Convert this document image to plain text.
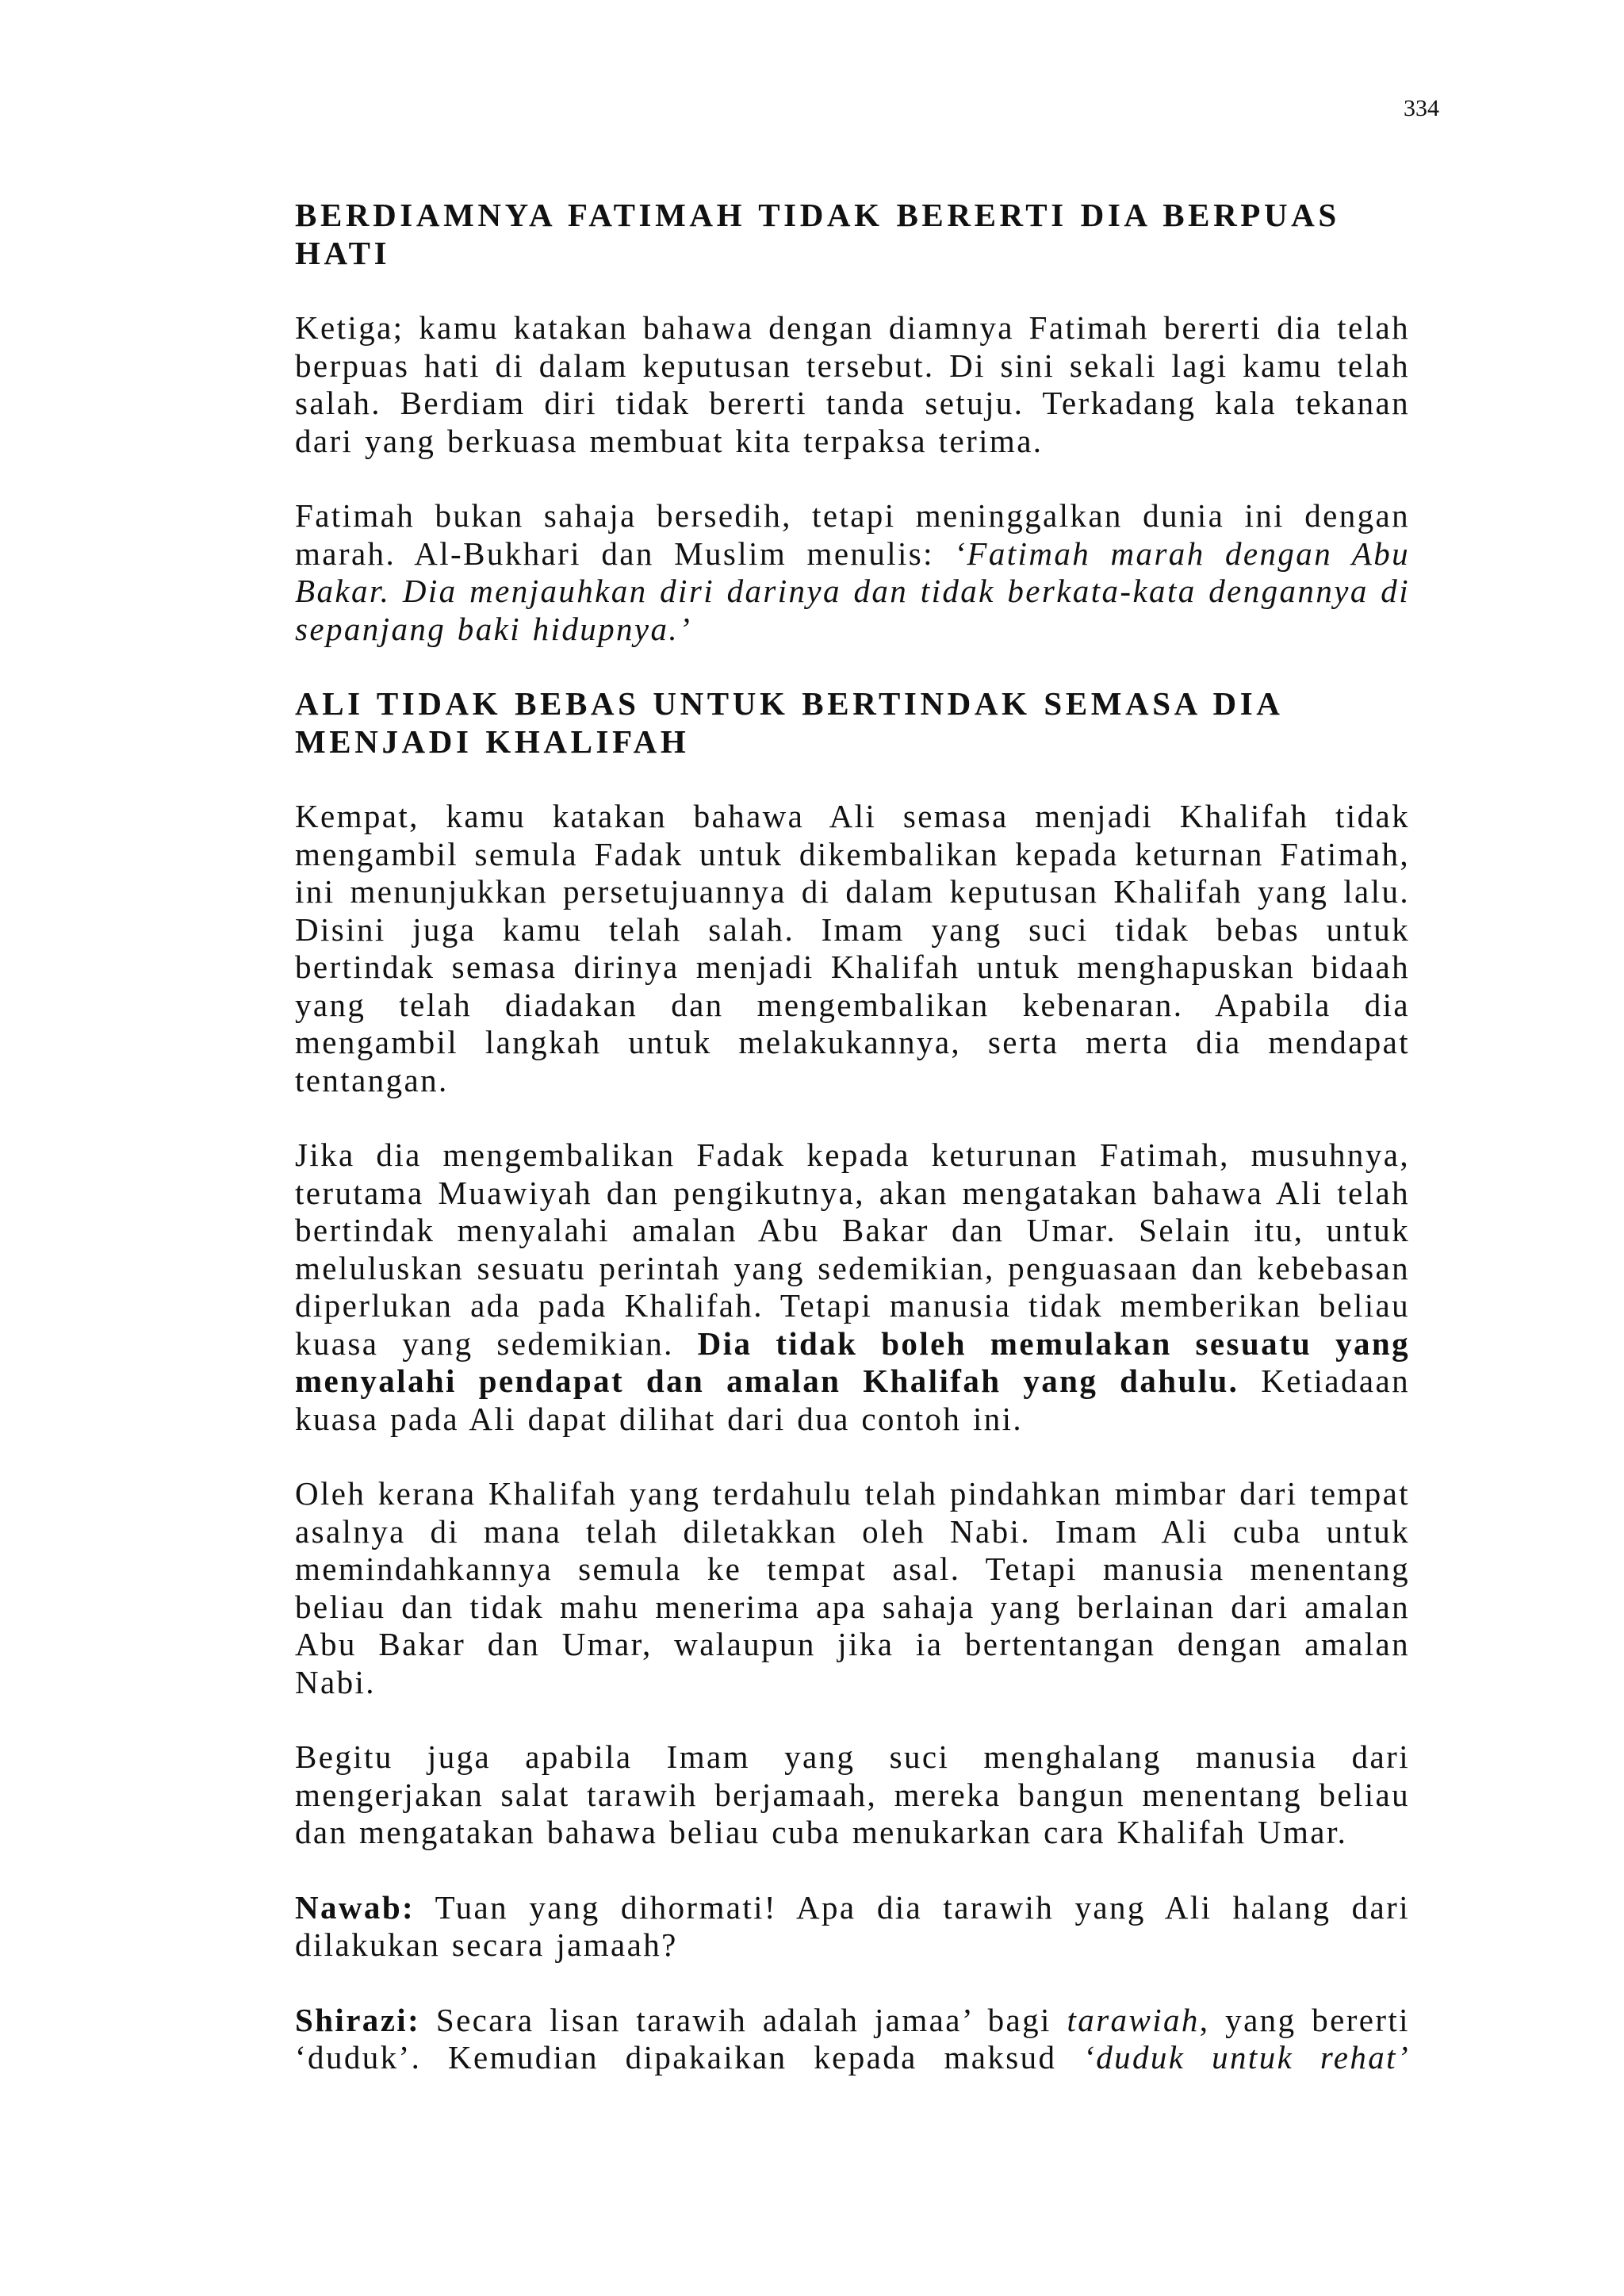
334
BERDIAMNYA FATIMAH TIDAK BERERTI DIA BERPUAS HATI
Ketiga; kamu katakan bahawa dengan diamnya Fatimah bererti dia telah berpuas hati di dalam keputusan tersebut. Di sini sekali lagi kamu telah salah. Berdiam diri tidak bererti tanda setuju. Terkadang kala tekanan dari yang berkuasa membuat kita terpaksa terima.
Fatimah bukan sahaja bersedih, tetapi meninggalkan dunia ini dengan marah. Al-Bukhari dan Muslim menulis: ‘Fatimah marah dengan Abu Bakar. Dia menjauhkan diri darinya dan tidak berkata-kata dengannya di sepanjang baki hidupnya.’
ALI TIDAK BEBAS UNTUK BERTINDAK SEMASA DIA MENJADI KHALIFAH
Kempat, kamu katakan bahawa Ali semasa menjadi Khalifah tidak mengambil semula Fadak untuk dikembalikan kepada keturnan Fatimah, ini menunjukkan persetujuannya di dalam keputusan Khalifah yang lalu. Disini juga kamu telah salah. Imam yang suci tidak bebas untuk bertindak semasa dirinya menjadi Khalifah untuk menghapuskan bidaah yang telah diadakan dan mengembalikan kebenaran. Apabila dia mengambil langkah untuk melakukannya, serta merta dia mendapat tentangan.
Jika dia mengembalikan Fadak kepada keturunan Fatimah, musuhnya, terutama Muawiyah dan pengikutnya, akan mengatakan bahawa Ali telah bertindak menyalahi amalan Abu Bakar dan Umar. Selain itu, untuk meluluskan sesuatu perintah yang sedemikian, penguasaan dan kebebasan diperlukan ada pada Khalifah. Tetapi manusia tidak memberikan beliau kuasa yang sedemikian. Dia tidak boleh memulakan sesuatu yang menyalahi pendapat dan amalan Khalifah yang dahulu. Ketiadaan kuasa pada Ali dapat dilihat dari dua contoh ini.
Oleh kerana Khalifah yang terdahulu telah pindahkan mimbar dari tempat asalnya di mana telah diletakkan oleh Nabi. Imam Ali cuba untuk memindahkannya semula ke tempat asal. Tetapi manusia menentang beliau dan tidak mahu menerima apa sahaja yang berlainan dari amalan Abu Bakar dan Umar, walaupun jika ia bertentangan dengan amalan Nabi.
Begitu juga apabila Imam yang suci menghalang manusia dari mengerjakan salat tarawih berjamaah, mereka bangun menentang beliau dan mengatakan bahawa beliau cuba menukarkan cara Khalifah Umar.
Nawab: Tuan yang dihormati! Apa dia tarawih yang Ali halang dari dilakukan secara jamaah?
Shirazi: Secara lisan tarawih adalah jamaa’ bagi tarawiah, yang bererti ‘duduk’. Kemudian dipakaikan kepada maksud ‘duduk untuk rehat’
